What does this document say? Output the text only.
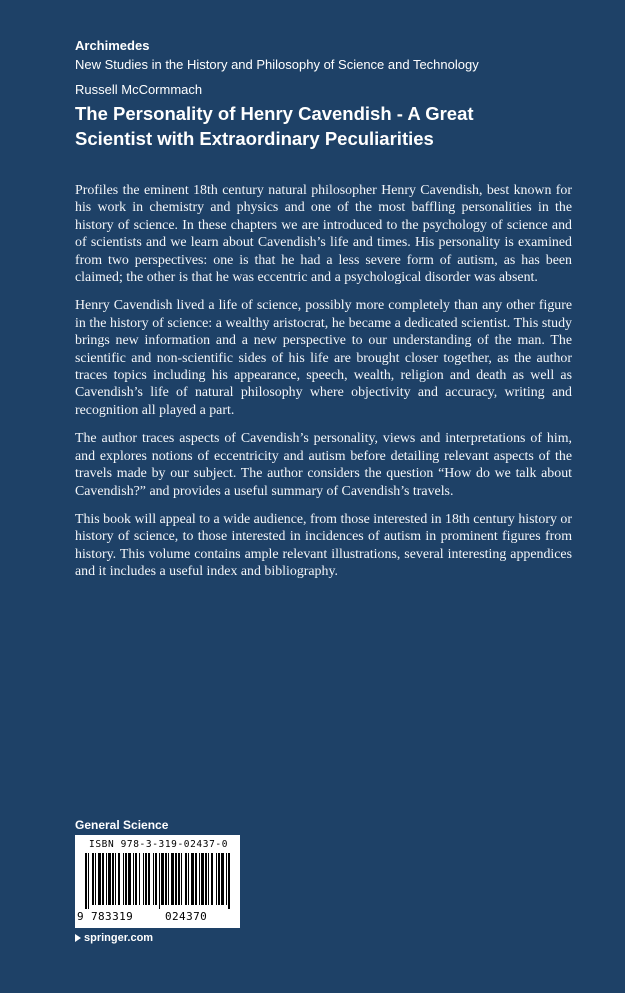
Archimedes
New Studies in the History and Philosophy of Science and Technology
Russell McCormmach
The Personality of Henry Cavendish - A Great Scientist with Extraordinary Peculiarities

Profiles the eminent 18th century natural philosopher Henry Cavendish, best known for his work in chemistry and physics and one of the most baffling personalities in the history of science. In these chapters we are introduced to the psychology of science and of scientists and we learn about Cavendish’s life and times. His personality is examined from two perspectives: one is that he had a less severe form of autism, as has been claimed; the other is that he was eccentric and a psychological disorder was absent.

Henry Cavendish lived a life of science, possibly more completely than any other figure in the history of science: a wealthy aristocrat, he became a dedicated scientist. This study brings new information and a new perspective to our understanding of the man. The scientific and non-scientific sides of his life are brought closer together, as the author traces topics including his appearance, speech, wealth, religion and death as well as Cavendish’s life of natural philosophy where objectivity and accuracy, writing and recognition all played a part.

The author traces aspects of Cavendish’s personality, views and interpretations of him, and explores notions of eccentricity and autism before detailing relevant aspects of the travels made by our subject. The author considers the question “How do we talk about Cavendish?” and provides a useful summary of Cavendish’s travels.

This book will appeal to a wide audience, from those interested in 18th century history or history of science, to those interested in incidences of autism in prominent figures from history. This volume contains ample relevant illustrations, several interesting appendices and it includes a useful index and bibliography.

General Science
ISBN 978-3-319-02437-0
9 783319	024370
springer.com
